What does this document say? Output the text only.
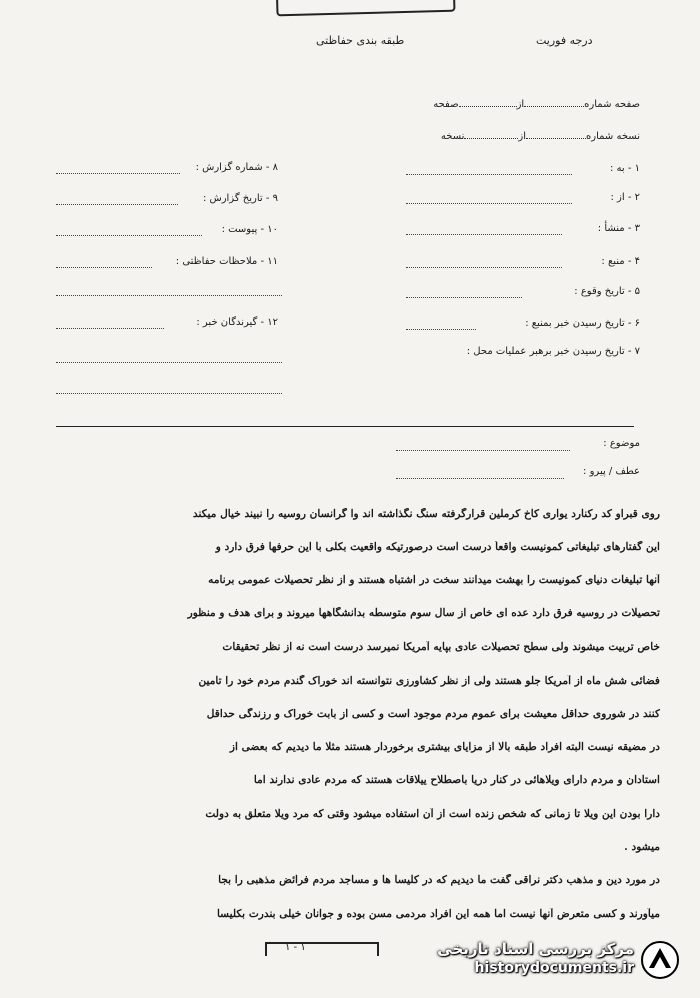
درجه فوریت
طبقه بندی حفاظتی
صفحه شمارهازصفحه
نسخه شمارهازنسخه
۱ - به :
۲ - از :
۳ - منشأ :
۴ - منبع :
۵ - تاریخ وقوع :
۶ - تاریخ رسیدن خبر بمنبع :
۷ - تاریخ رسیدن خبر برهبر عملیات محل :
۸ - شماره گزارش :
۹ - تاریخ گزارش :
۱۰ - پیوست :
۱۱ - ملاحظات حفاظتی :
۱۲ - گیرندگان خبر :
موضوع :
عطف / پیرو :
روی قبراو کد رکنارد یواری کاخ کرملین قرارگرفته سنگ نگذاشته اند وا گرانسان روسیه را نبیند خیال میکند
این گفتارهای تبلیغاتی کمونیست واقعاً درست است درصورتیکه واقعیت بکلی با این حرفها فرق دارد و
آنها تبلیغات دنیای کمونیست را بهشت میدانند سخت در اشتباه هستند و از نظر تحصیلات عمومی برنامه
تحصیلات در روسیه فرق دارد عده ای خاص از سال سوم متوسطه بدانشگاهها میروند و برای هدف و منظور
خاص تربیت میشوند ولی سطح تحصیلات عادی بپایه آمریکا نمیرسد درست است نه از نظر تحقیقات
فضائی شش ماه از آمریکا جلو هستند ولی از نظر کشاورزی نتوانسته اند خوراک گندم مردم خود را تامین
کنند در شوروی حداقل معیشت برای عموم مردم موجود است و کسی از بابت خوراک و رزندگی حداقل
در مضیقه نیست البته افراد طبقه بالا از مزایای بیشتری برخوردار هستند مثلا ما دیدیم که بعضی از
استادان و مردم دارای ویلاهائی در کنار دریا باصطلاح ییلاقات هستند که مردم عادی ندارند اما
دارا بودن این ویلا تا زمانی که شخص زنده است از آن استفاده میشود وقتی که مرد ویلا متعلق به دولت
میشود .
در مورد دین و مذهب دکتر نراقی گفت ما دیدیم که در کلیسا ها و مساجد مردم فرائض مذهبی را بجا
میآورند و کسی متعرض آنها نیست اما همه این افراد مردمی مسن بوده و جوانان خیلی بندرت بکلیسا
۱ - ۱	مرکز بررسی اسناد تاریخی
historydocuments.ir
